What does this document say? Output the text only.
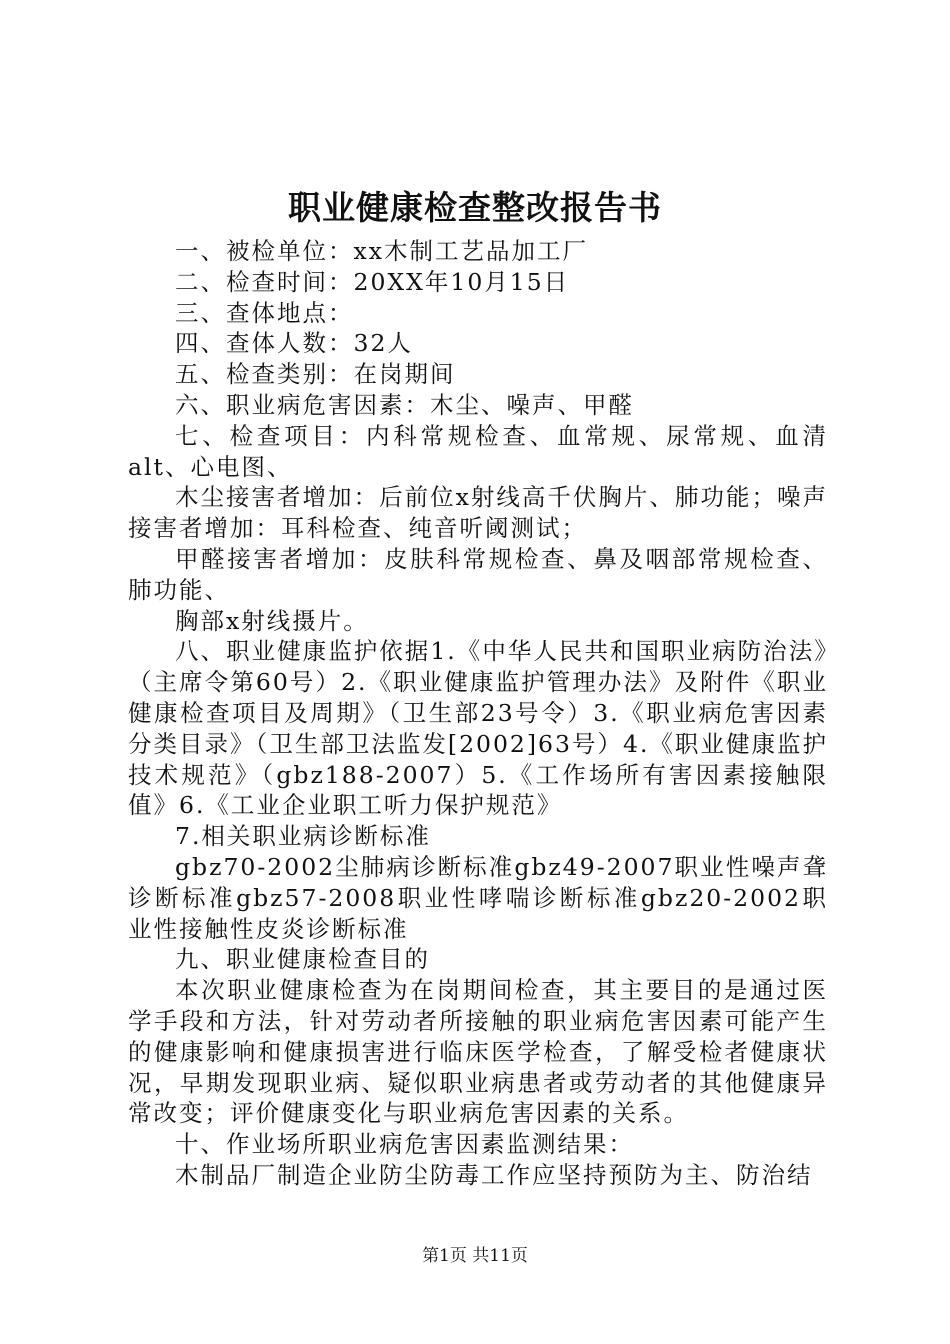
职业健康检查整改报告书

一、被检单位：xx木制工艺品加工厂

二、检查时间：20XX年10月15日

三、查体地点：

四、查体人数：32人

五、检查类别：在岗期间

六、职业病危害因素：木尘、噪声、甲醛

七、检查项目：内科常规检查、血常规、尿常规、血清alt、心电图、

木尘接害者增加：后前位x射线高千伏胸片、肺功能；噪声接害者增加：耳科检查、纯音听阈测试；

甲醛接害者增加：皮肤科常规检查、鼻及咽部常规检查、肺功能、

胸部x射线摄片。

八、职业健康监护依据1.《中华人民共和国职业病防治法》（主席令第60号）2.《职业健康监护管理办法》及附件《职业健康检查项目及周期》（卫生部23号令）3.《职业病危害因素分类目录》（卫生部卫法监发[2002]63号）4.《职业健康监护技术规范》（gbz188-2007）5.《工作场所有害因素接触限值》6.《工业企业职工听力保护规范》

7.相关职业病诊断标准

gbz70-2002尘肺病诊断标准gbz49-2007职业性噪声聋诊断标准gbz57-2008职业性哮喘诊断标准gbz20-2002职业性接触性皮炎诊断标准

九、职业健康检查目的

本次职业健康检查为在岗期间检查，其主要目的是通过医学手段和方法，针对劳动者所接触的职业病危害因素可能产生的健康影响和健康损害进行临床医学检查，了解受检者健康状况，早期发现职业病、疑似职业病患者或劳动者的其他健康异常改变；评价健康变化与职业病危害因素的关系。

十、作业场所职业病危害因素监测结果：

木制品厂制造企业防尘防毒工作应坚持预防为主、防治结

第1页 共11页
